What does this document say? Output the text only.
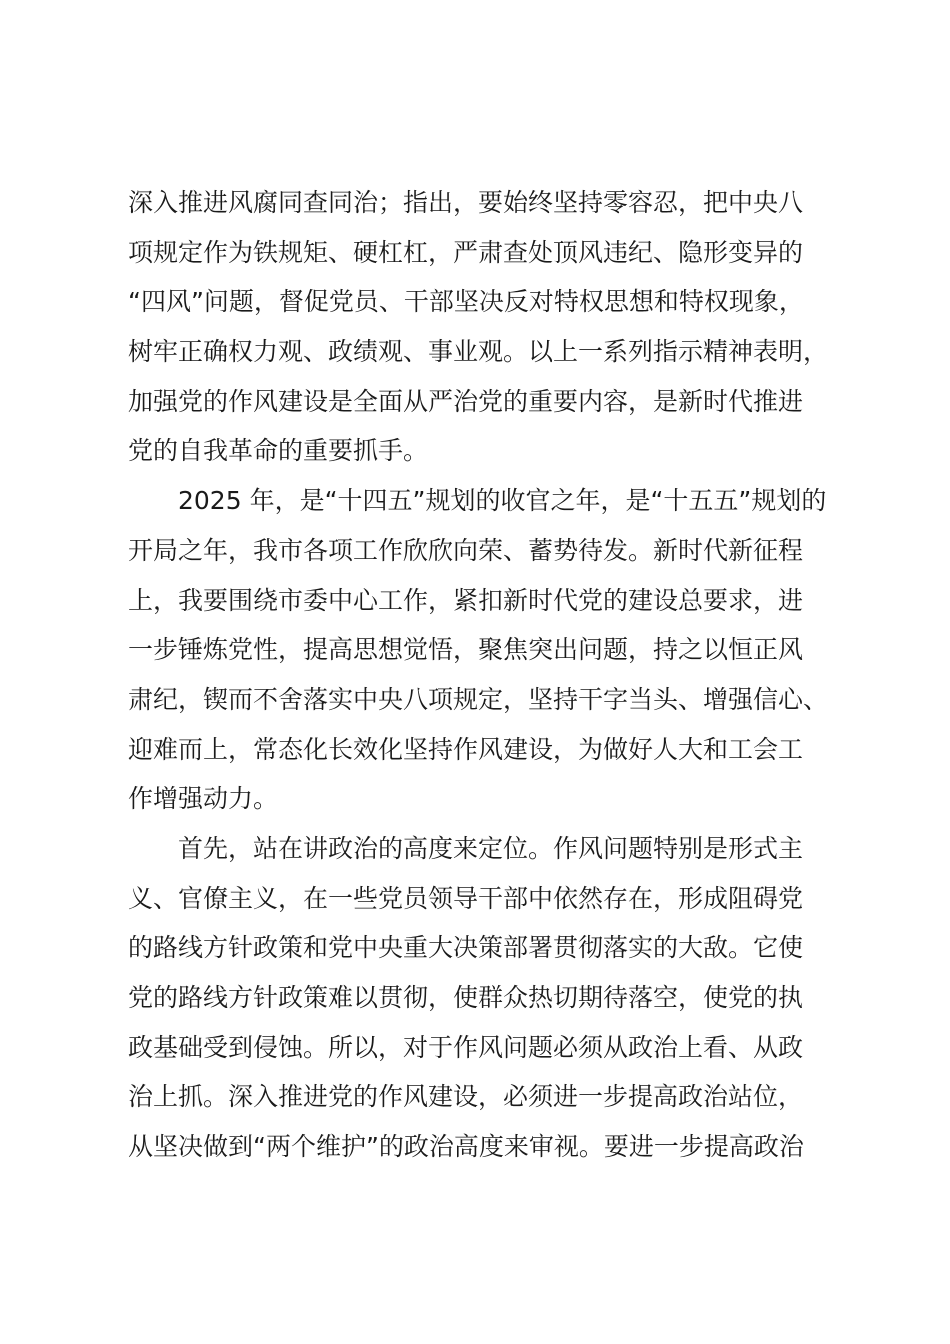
深入推进风腐同查同治；指出，要始终坚持零容忍，把中央八
项规定作为铁规矩、硬杠杠，严肃查处顶风违纪、隐形变异的
“四风”问题，督促党员、干部坚决反对特权思想和特权现象，
树牢正确权力观、政绩观、事业观。以上一系列指示精神表明，
加强党的作风建设是全面从严治党的重要内容，是新时代推进
党的自我革命的重要抓手。
2025 年，是“十四五”规划的收官之年，是“十五五”规划的
开局之年，我市各项工作欣欣向荣、蓄势待发。新时代新征程
上，我要围绕市委中心工作，紧扣新时代党的建设总要求，进
一步锤炼党性，提高思想觉悟，聚焦突出问题，持之以恒正风
肃纪，锲而不舍落实中央八项规定，坚持干字当头、增强信心、
迎难而上，常态化长效化坚持作风建设，为做好人大和工会工
作增强动力。
首先，站在讲政治的高度来定位。作风问题特别是形式主
义、官僚主义，在一些党员领导干部中依然存在，形成阻碍党
的路线方针政策和党中央重大决策部署贯彻落实的大敌。它使
党的路线方针政策难以贯彻，使群众热切期待落空，使党的执
政基础受到侵蚀。所以，对于作风问题必须从政治上看、从政
治上抓。深入推进党的作风建设，必须进一步提高政治站位，
从坚决做到“两个维护”的政治高度来审视。要进一步提高政治
